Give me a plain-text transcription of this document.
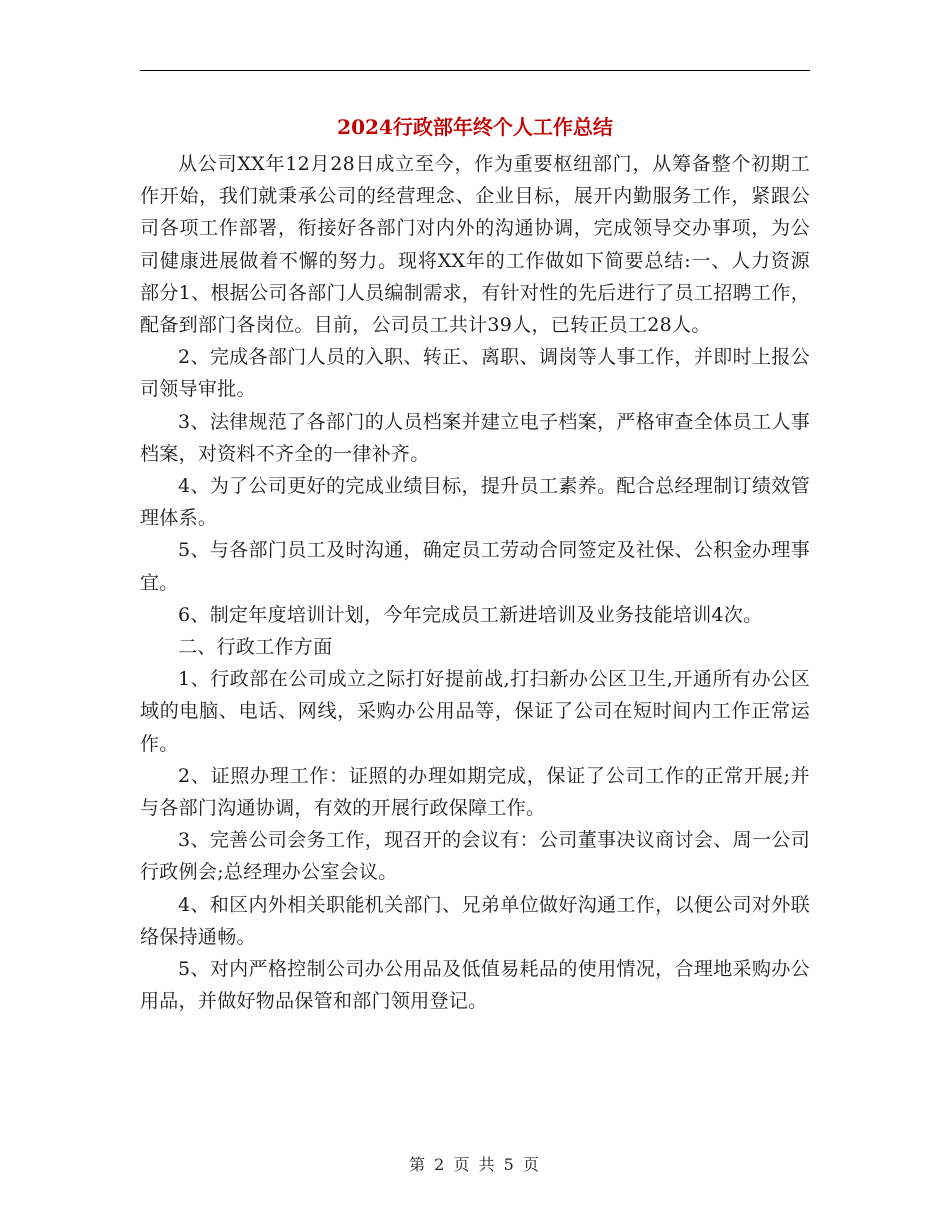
2024行政部年终个人工作总结

从公司XX年12月28日成立至今，作为重要枢纽部门，从筹备整个初期工作开始，我们就秉承公司的经营理念、企业目标，展开内勤服务工作，紧跟公司各项工作部署，衔接好各部门对内外的沟通协调，完成领导交办事项，为公司健康进展做着不懈的努力。现将XX年的工作做如下简要总结:一、人力资源部分1、根据公司各部门人员编制需求，有针对性的先后进行了员工招聘工作，配备到部门各岗位。目前，公司员工共计39人，已转正员工28人。

2、完成各部门人员的入职、转正、离职、调岗等人事工作，并即时上报公司领导审批。

3、法律规范了各部门的人员档案并建立电子档案，严格审查全体员工人事档案，对资料不齐全的一律补齐。

4、为了公司更好的完成业绩目标，提升员工素养。配合总经理制订绩效管理体系。

5、与各部门员工及时沟通，确定员工劳动合同签定及社保、公积金办理事宜。

6、制定年度培训计划，今年完成员工新进培训及业务技能培训4次。

二、行政工作方面

1、行政部在公司成立之际打好提前战,打扫新办公区卫生,开通所有办公区域的电脑、电话、网线，采购办公用品等，保证了公司在短时间内工作正常运作。

2、证照办理工作：证照的办理如期完成，保证了公司工作的正常开展;并与各部门沟通协调，有效的开展行政保障工作。

3、完善公司会务工作，现召开的会议有：公司董事决议商讨会、周一公司行政例会;总经理办公室会议。

4、和区内外相关职能机关部门、兄弟单位做好沟通工作，以便公司对外联络保持通畅。

5、对内严格控制公司办公用品及低值易耗品的使用情况，合理地采购办公用品，并做好物品保管和部门领用登记。

第 2 页 共 5 页
